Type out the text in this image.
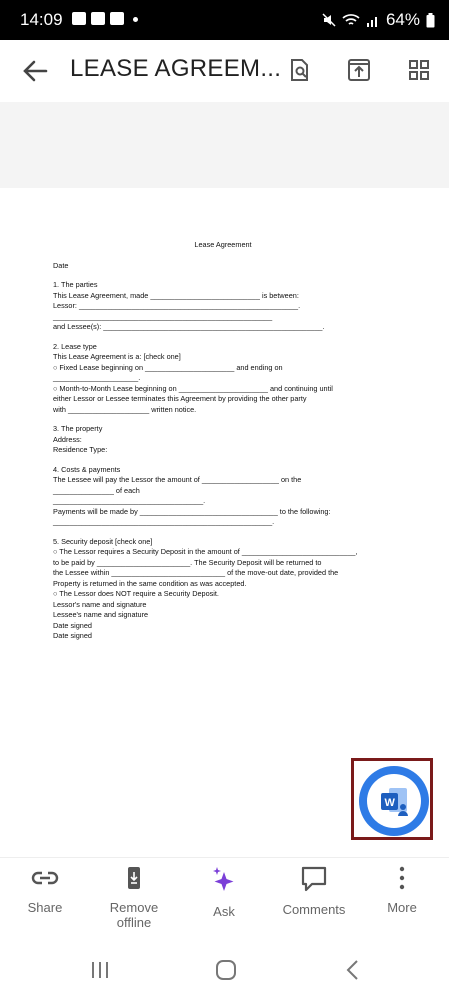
14:09	64%
LEASE AGREEM...
Lease Agreement
Date
1. The parties
This Lease Agreement, made ___________________________ is between:
Lessor: ______________________________________________________.
______________________________________________________
and Lessee(s): ______________________________________________________.
2. Lease type
This Lease Agreement is a: [check one]
○ Fixed Lease beginning on ______________________ and ending on
_____________________.
○ Month-to-Month Lease beginning on ______________________ and continuing until
either Lessor or Lessee terminates this Agreement by providing the other party
with ____________________ written notice.
3. The property
Address:
Residence Type:
4. Costs & payments
The Lessee will pay the Lessor the amount of ___________________ on the
_______________ of each
_____________________________________.
Payments will be made by __________________________________ to the following:
______________________________________________________.
5. Security deposit [check one]
○ The Lessor requires a Security Deposit in the amount of ____________________________,
to be paid by _______________________. The Security Deposit will be returned to
the Lessee within ____________________________ of the move-out date, provided the
Property is returned in the same condition as was accepted.
○ The Lessor does NOT require a Security Deposit.
Lessor's name and signature
Lessee's name and signature
Date signed
Date signed
W
Share	Remove
offline
Ask	Comments	More
